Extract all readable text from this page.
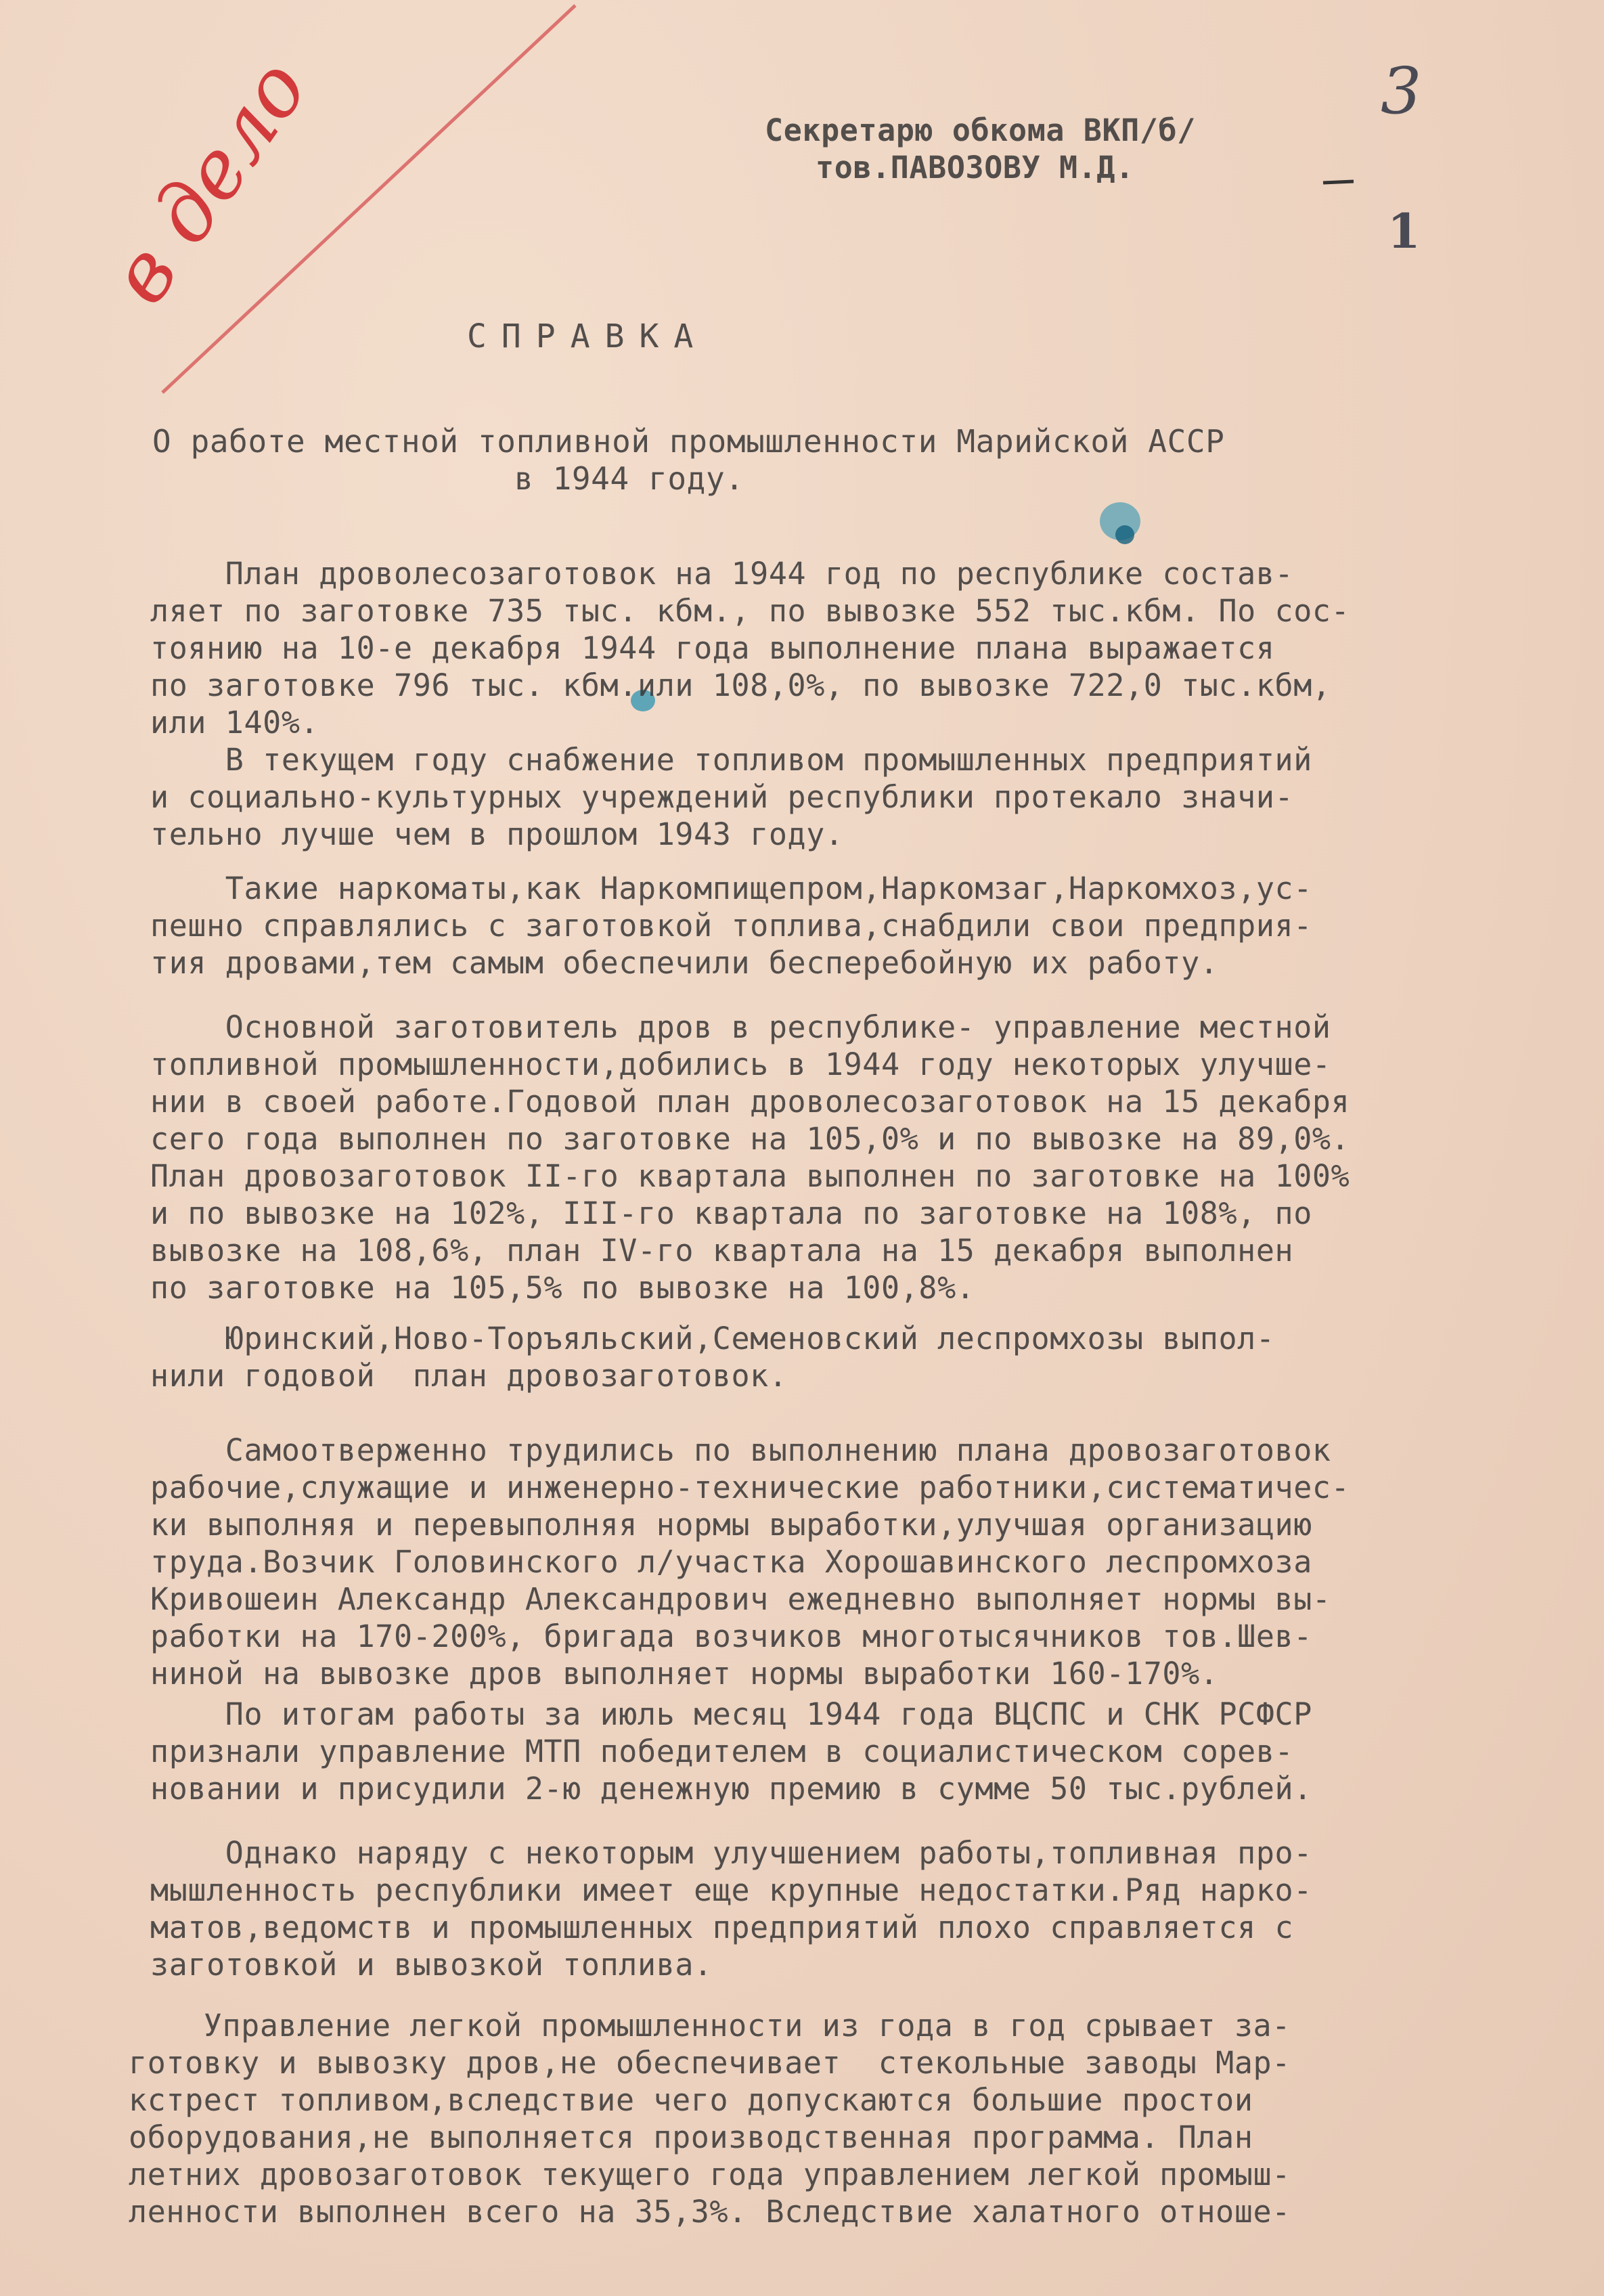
в дело	3
1
Секретарю обкома ВКП/б/
тов.ПАВОЗОВУ М.Д.
СПРАВКА
О работе местной топливной промышленности Марийской АССР
в 1944 году.
План дроволесозаготовок на 1944 год по республике состав-
ляет по заготовке 735 тыс. кбм., по вывозке 552 тыс.кбм. По сос-
тоянию на 10-е декабря 1944 года выполнение плана выражается
по заготовке 796 тыс. кбм.или 108,0%, по вывозке 722,0 тыс.кбм,
или 140%.
В текущем году снабжение топливом промышленных предприятий
и социально-культурных учреждений республики протекало значи-
тельно лучше чем в прошлом 1943 году.
Такие наркоматы,как Наркомпищепром,Наркомзаг,Наркомхоз,ус-
пешно справлялись с заготовкой топлива,снабдили свои предприя-
тия дровами,тем самым обеспечили бесперебойную их работу.
Основной заготовитель дров в республике- управление местной
топливной промышленности,добились в 1944 году некоторых улучше-
нии в своей работе.Годовой план дроволесозаготовок на 15 декабря
сего года выполнен по заготовке на 105,0% и по вывозке на 89,0%.
План дровозаготовок II-го квартала выполнен по заготовке на 100%
и по вывозке на 102%, III-го квартала по заготовке на 108%, по
вывозке на 108,6%, план IV-го квартала на 15 декабря выполнен
по заготовке на 105,5% по вывозке на 100,8%.
Юринский,Ново-Торъяльский,Семеновский леспромхозы выпол-
нили годовой  план дровозаготовок.
Самоотверженно трудились по выполнению плана дровозаготовок
рабочие,служащие и инженерно-технические работники,систематичес-
ки выполняя и перевыполняя нормы выработки,улучшая организацию
труда.Возчик Головинского л/участка Хорошавинского леспромхоза
Кривошеин Александр Александрович ежедневно выполняет нормы вы-
работки на 170-200%, бригада возчиков многотысячников тов.Шев-
ниной на вывозке дров выполняет нормы выработки 160-170%.
По итогам работы за июль месяц 1944 года ВЦСПС и СНК РСФСР
признали управление МТП победителем в социалистическом сорев-
новании и присудили 2-ю денежную премию в сумме 50 тыс.рублей.
Однако наряду с некоторым улучшением работы,топливная про-
мышленность республики имеет еще крупные недостатки.Ряд нарко-
матов,ведомств и промышленных предприятий плохо справляется с
заготовкой и вывозкой топлива.
Управление легкой промышленности из года в год срывает за-
готовку и вывозку дров,не обеспечивает  стекольные заводы Мар-
кстрест топливом,вследствие чего допускаются большие простои
оборудования,не выполняется производственная программа. План
летних дровозаготовок текущего года управлением легкой промыш-
ленности выполнен всего на 35,3%. Вследствие халатного отноше-
